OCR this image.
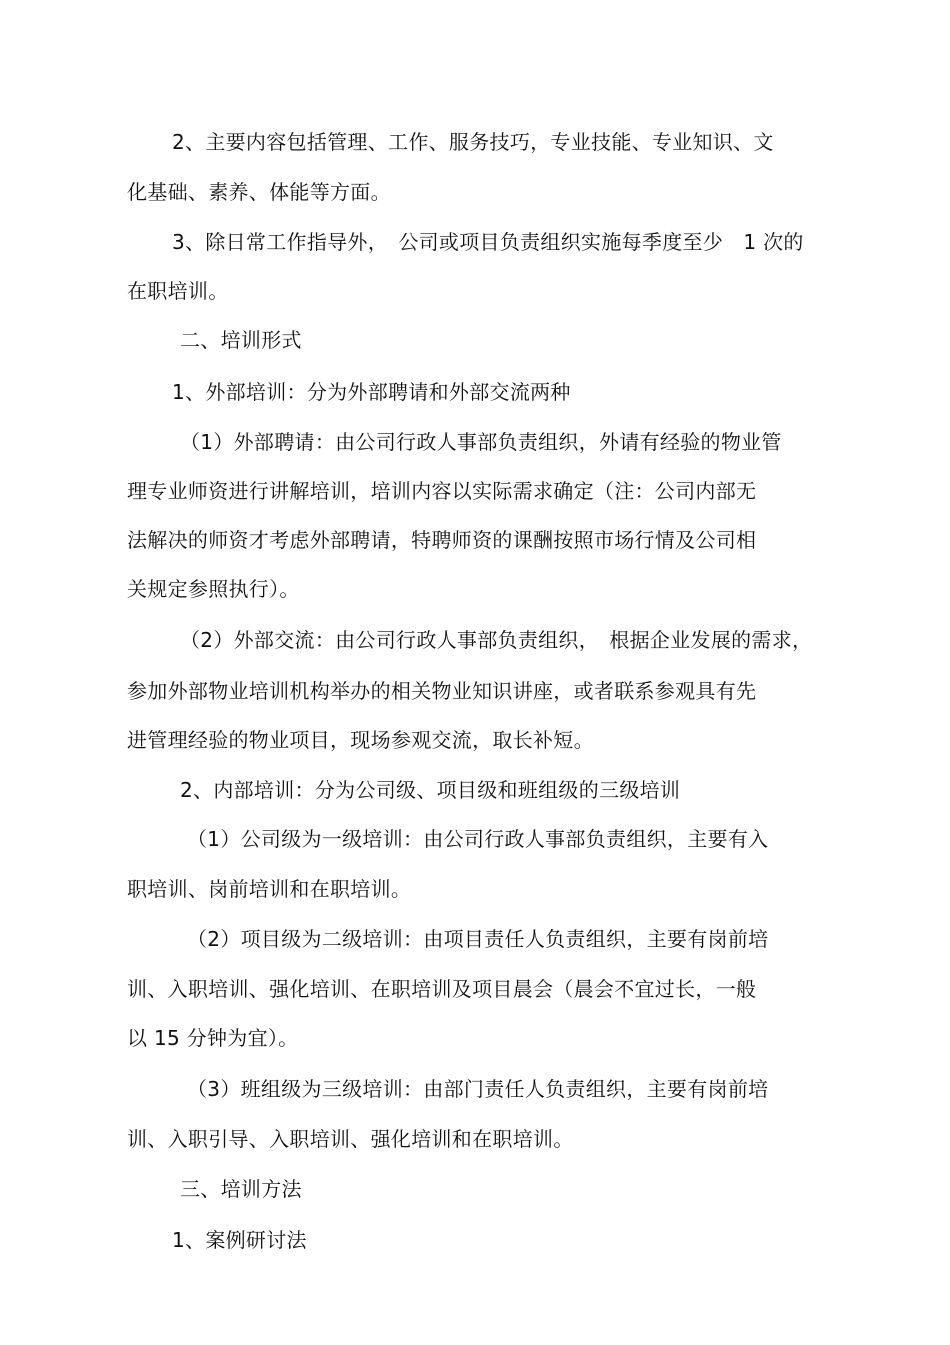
2、主要内容包括管理、工作、服务技巧，专业技能、专业知识、文
化基础、素养、体能等方面。
3、除日常工作指导外，　公司或项目负责组织实施每季度至少　1 次的
在职培训。
二、培训形式
1、外部培训：分为外部聘请和外部交流两种
（1）外部聘请：由公司行政人事部负责组织，外请有经验的物业管
理专业师资进行讲解培训，培训内容以实际需求确定（注：公司内部无
法解决的师资才考虑外部聘请，特聘师资的课酬按照市场行情及公司相
关规定参照执行）。
（2）外部交流：由公司行政人事部负责组织，　根据企业发展的需求，
参加外部物业培训机构举办的相关物业知识讲座，或者联系参观具有先
进管理经验的物业项目，现场参观交流，取长补短。
2、内部培训：分为公司级、项目级和班组级的三级培训
（1）公司级为一级培训：由公司行政人事部负责组织，主要有入
职培训、岗前培训和在职培训。
（2）项目级为二级培训：由项目责任人负责组织，主要有岗前培
训、入职培训、强化培训、在职培训及项目晨会（晨会不宜过长，一般
以 15 分钟为宜）。
（3）班组级为三级培训：由部门责任人负责组织，主要有岗前培
训、入职引导、入职培训、强化培训和在职培训。
三、培训方法
1、案例研讨法
